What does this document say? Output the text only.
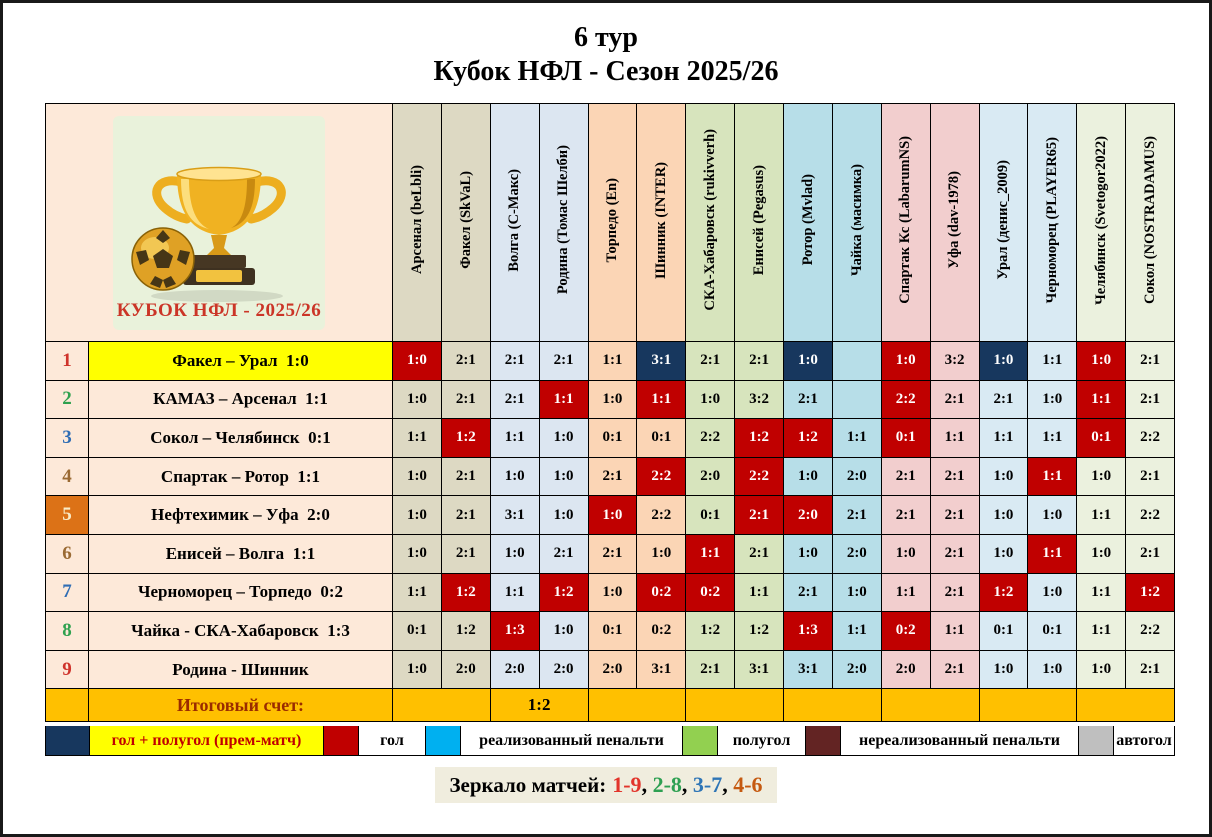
6 тур
Кубок НФЛ - Сезон 2025/26
КУБОК НФЛ - 2025/26		Арсенал (beLbli)	Факел (SkVaL)	Волга (С-Макс)	Родина (Томас Шелби)	Торпедо (En)	Шинник (INTER)	СКА-Хабаровск (rukivverh)	Енисей (Pegasus)	Ротор (Mvlad)	Чайка (масимка)	Спартак Кс (LabarumNS)	Уфа (dav-1978)	Урал (денис_2009)	Черноморец (PLAYER65)	Челябинск (Svetogor2022)	Сокол (NOSTRADAMUS)
1	Факел – Урал  1:0	1:0	2:1	2:1	2:1	1:1	3:1	2:1	2:1	1:0		1:0	3:2	1:0	1:1	1:0	2:1
2	КАМАЗ – Арсенал  1:1	1:0	2:1	2:1	1:1	1:0	1:1	1:0	3:2	2:1		2:2	2:1	2:1	1:0	1:1	2:1
3	Сокол – Челябинск  0:1	1:1	1:2	1:1	1:0	0:1	0:1	2:2	1:2	1:2	1:1	0:1	1:1	1:1	1:1	0:1	2:2
4	Спартак – Ротор  1:1	1:0	2:1	1:0	1:0	2:1	2:2	2:0	2:2	1:0	2:0	2:1	2:1	1:0	1:1	1:0	2:1
5	Нефтехимик – Уфа  2:0	1:0	2:1	3:1	1:0	1:0	2:2	0:1	2:1	2:0	2:1	2:1	2:1	1:0	1:0	1:1	2:2
6	Енисей – Волга  1:1	1:0	2:1	1:0	2:1	2:1	1:0	1:1	2:1	1:0	2:0	1:0	2:1	1:0	1:1	1:0	2:1
7	Черноморец – Торпедо  0:2	1:1	1:2	1:1	1:2	1:0	0:2	0:2	1:1	2:1	1:0	1:1	2:1	1:2	1:0	1:1	1:2
8	Чайка - СКА-Хабаровск  1:3	0:1	1:2	1:3	1:0	0:1	0:2	1:2	1:2	1:3	1:1	0:2	1:1	0:1	0:1	1:1	2:2
9	Родина - Шинник	1:0	2:0	2:0	2:0	2:0	3:1	2:1	3:1	3:1	2:0	2:0	2:1	1:0	1:0	1:0	2:1
	Итоговый счет:			1:2													
гол + полугол (прем-матч)	гол	реализованный пенальти	полугол	нереализованный пенальти	автогол
Зеркало матчей: 1-9, 2-8, 3-7, 4-6
